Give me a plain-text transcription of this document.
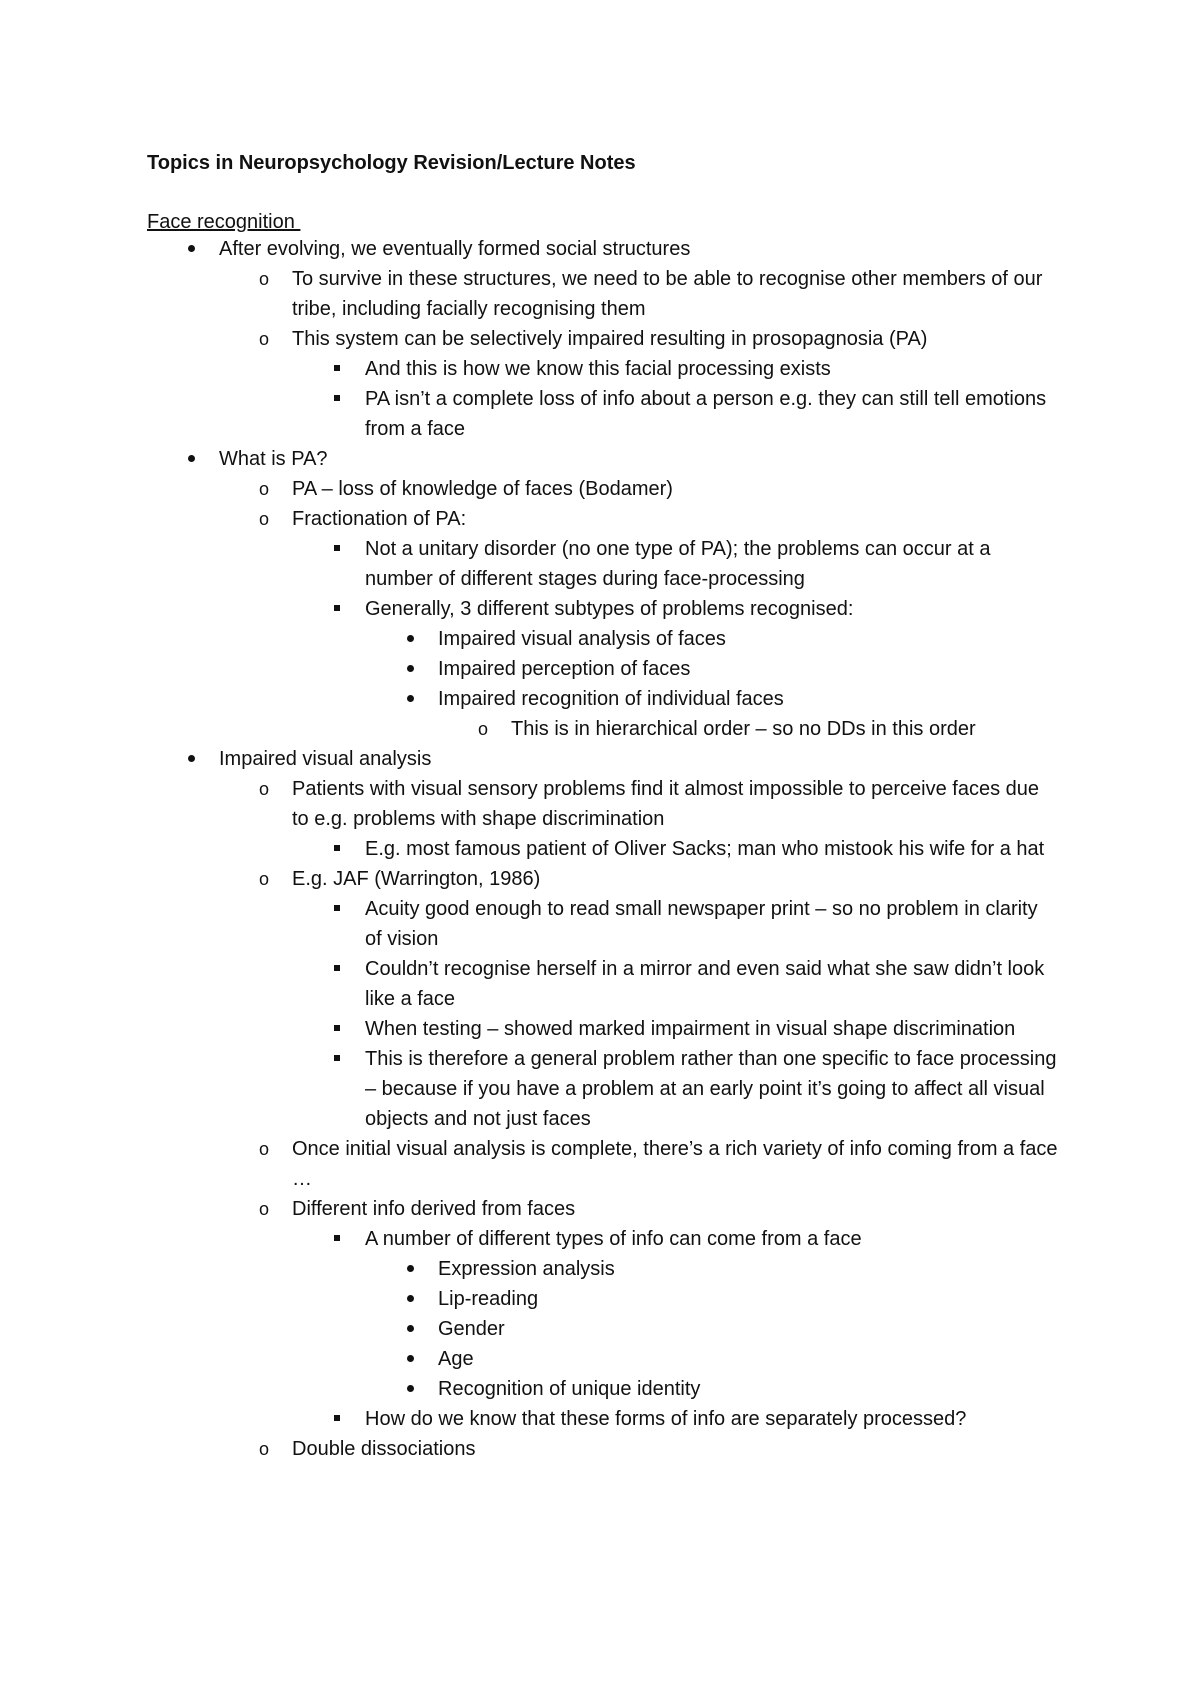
Topics in Neuropsychology Revision/Lecture Notes
Face recognition
After evolving, we eventually formed social structures
o
To survive in these structures, we need to be able to recognise other members of our tribe, including facially recognising them
o
This system can be selectively impaired resulting in prosopagnosia (PA)
And this is how we know this facial processing exists
PA isn’t a complete loss of info about a person e.g. they can still tell emotions from a face
What is PA?
o
PA – loss of knowledge of faces (Bodamer)
o
Fractionation of PA:
Not a unitary disorder (no one type of PA); the problems can occur at a number of different stages during face-processing
Generally, 3 different subtypes of problems recognised:
Impaired visual analysis of faces
Impaired perception of faces
Impaired recognition of individual faces
o
This is in hierarchical order – so no DDs in this order
Impaired visual analysis
o
Patients with visual sensory problems find it almost impossible to perceive faces due to e.g. problems with shape discrimination
E.g. most famous patient of Oliver Sacks; man who mistook his wife for a hat
o
E.g. JAF (Warrington, 1986)
Acuity good enough to read small newspaper print – so no problem in clarity of vision
Couldn’t recognise herself in a mirror and even said what she saw didn’t look like a face
When testing – showed marked impairment in visual shape discrimination
This is therefore a general problem rather than one specific to face processing – because if you have a problem at an early point it’s going to affect all visual objects and not just faces
o
Once initial visual analysis is complete, there’s a rich variety of info coming from a face …
o
Different info derived from faces
A number of different types of info can come from a face
Expression analysis
Lip-reading
Gender
Age
Recognition of unique identity
How do we know that these forms of info are separately processed?
o
Double dissociations
